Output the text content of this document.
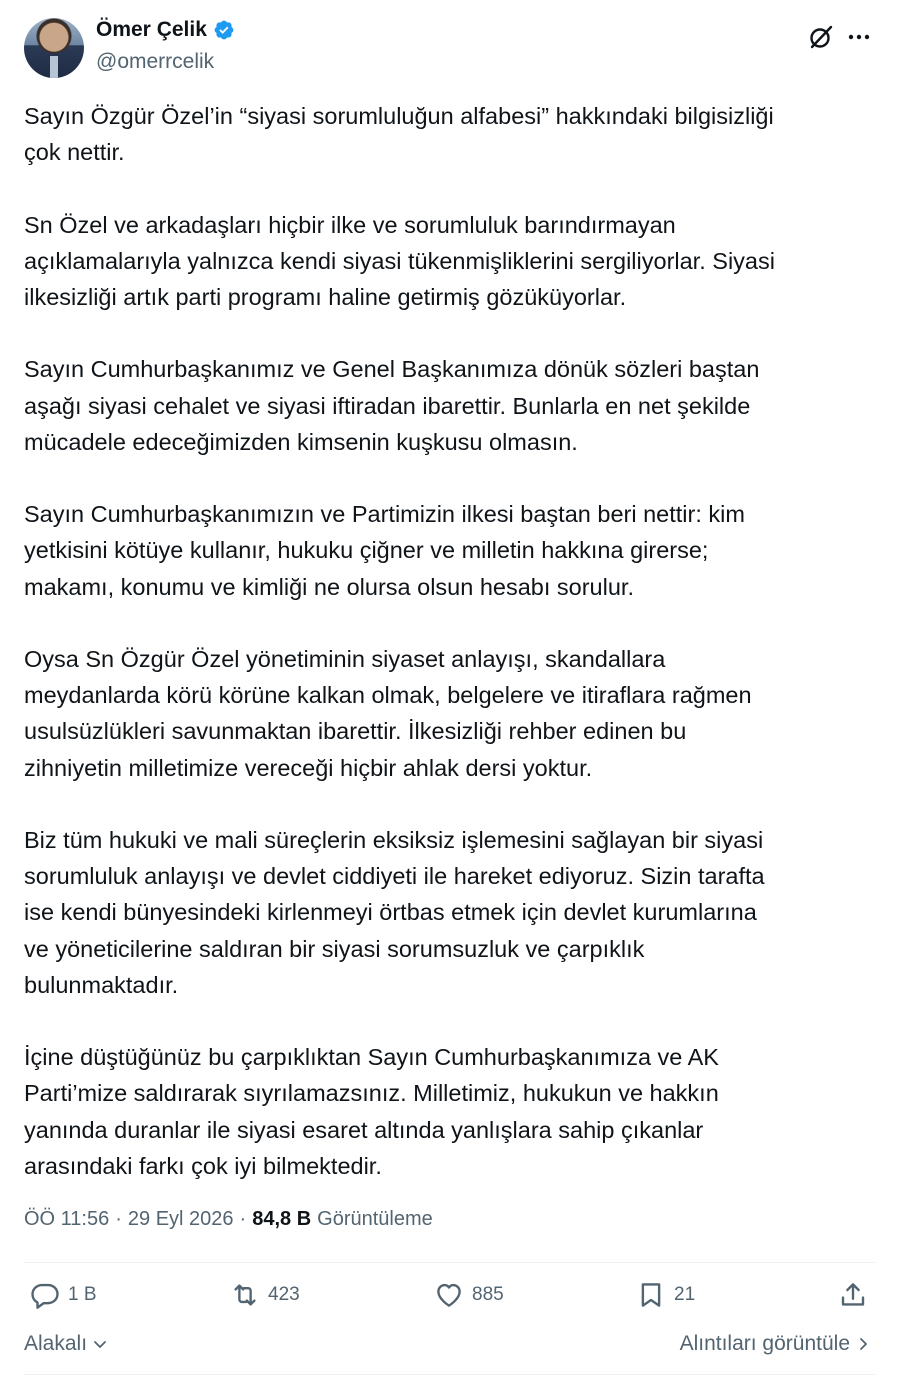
Ömer Çelik
@omerrcelik

Sayın Özgür Özel’in “siyasi sorumluluğun alfabesi” hakkındaki bilgisizliği
çok nettir.

Sn Özel ve arkadaşları hiçbir ilke ve sorumluluk barındırmayan
açıklamalarıyla yalnızca kendi siyasi tükenmişliklerini sergiliyorlar. Siyasi
ilkesizliği artık parti programı haline getirmiş gözüküyorlar.

Sayın Cumhurbaşkanımız ve Genel Başkanımıza dönük sözleri baştan
aşağı siyasi cehalet ve siyasi iftiradan ibarettir. Bunlarla en net şekilde
mücadele edeceğimizden kimsenin kuşkusu olmasın.

Sayın Cumhurbaşkanımızın ve Partimizin ilkesi baştan beri nettir: kim
yetkisini kötüye kullanır, hukuku çiğner ve milletin hakkına girerse;
makamı, konumu ve kimliği ne olursa olsun hesabı sorulur.

Oysa Sn Özgür Özel yönetiminin siyaset anlayışı, skandallara
meydanlarda körü körüne kalkan olmak, belgelere ve itiraflara rağmen
usulsüzlükleri savunmaktan ibarettir. İlkesizliği rehber edinen bu
zihniyetin milletimize vereceği hiçbir ahlak dersi yoktur.

Biz tüm hukuki ve mali süreçlerin eksiksiz işlemesini sağlayan bir siyasi
sorumluluk anlayışı ve devlet ciddiyeti ile hareket ediyoruz. Sizin tarafta
ise kendi bünyesindeki kirlenmeyi örtbas etmek için devlet kurumlarına
ve yöneticilerine saldıran bir siyasi sorumsuzluk ve çarpıklık
bulunmaktadır.

İçine düştüğünüz bu çarpıklıktan Sayın Cumhurbaşkanımıza ve AK
Parti’mize saldırarak sıyrılamazsınız. Milletimiz, hukukun ve hakkın
yanında duranlar ile siyasi esaret altında yanlışlara sahip çıkanlar
arasındaki farkı çok iyi bilmektedir.

ÖÖ 11:56 · 29 Eyl 2026 · 84,8 B Görüntüleme
1 B	423	885	21
Alakalı	Alıntıları görüntüle
